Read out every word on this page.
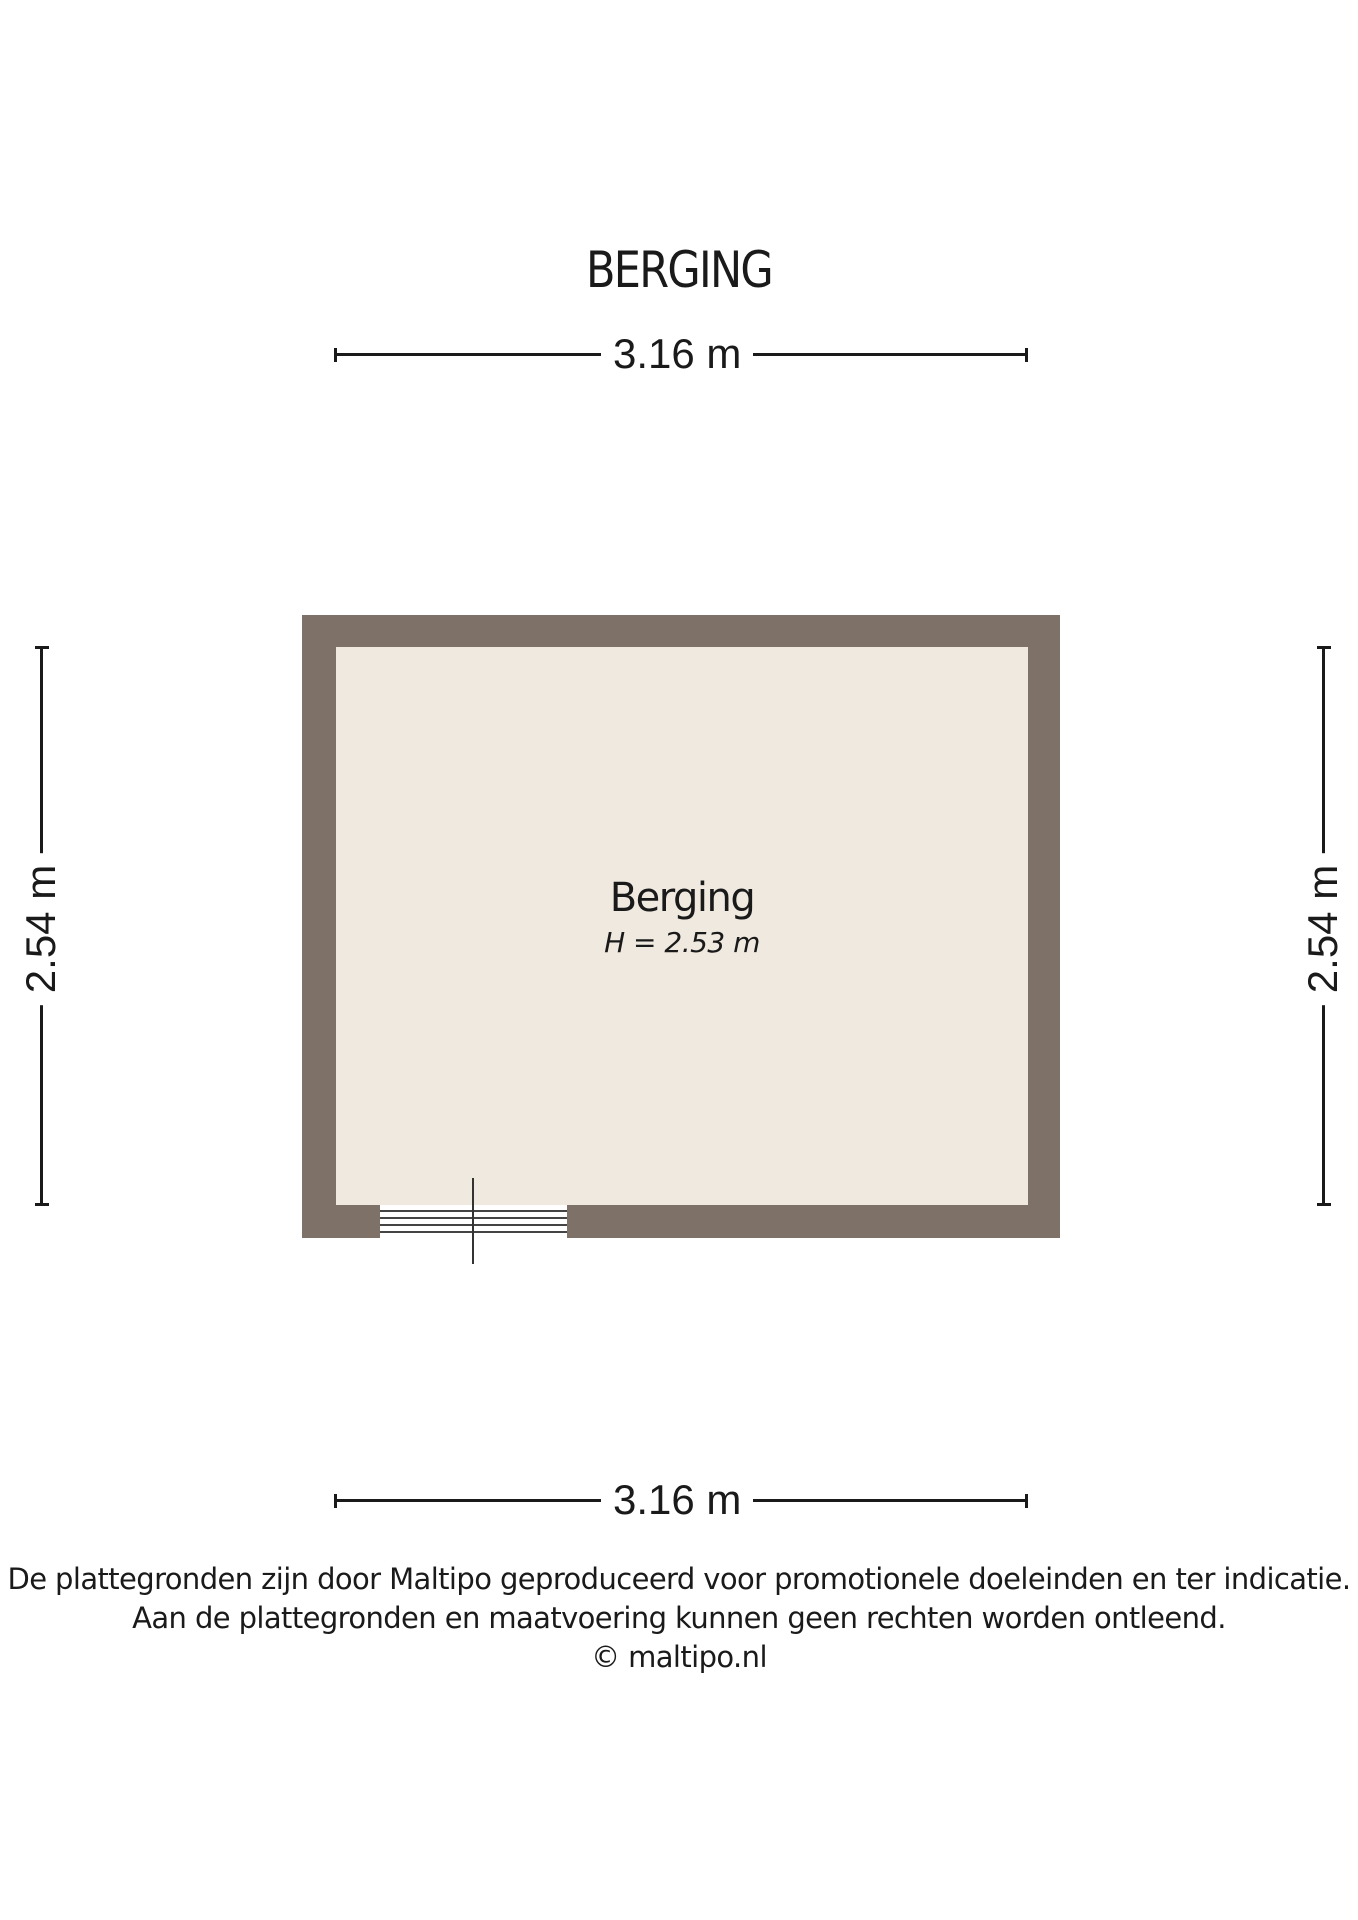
BERGING
3.16 m
3.16 m
2.54 m	2.54 m
Berging
H = 2.53 m
De plattegronden zijn door Maltipo geproduceerd voor promotionele doeleinden en ter indicatie.
Aan de plattegronden en maatvoering kunnen geen rechten worden ontleend.
© maltipo.nl
